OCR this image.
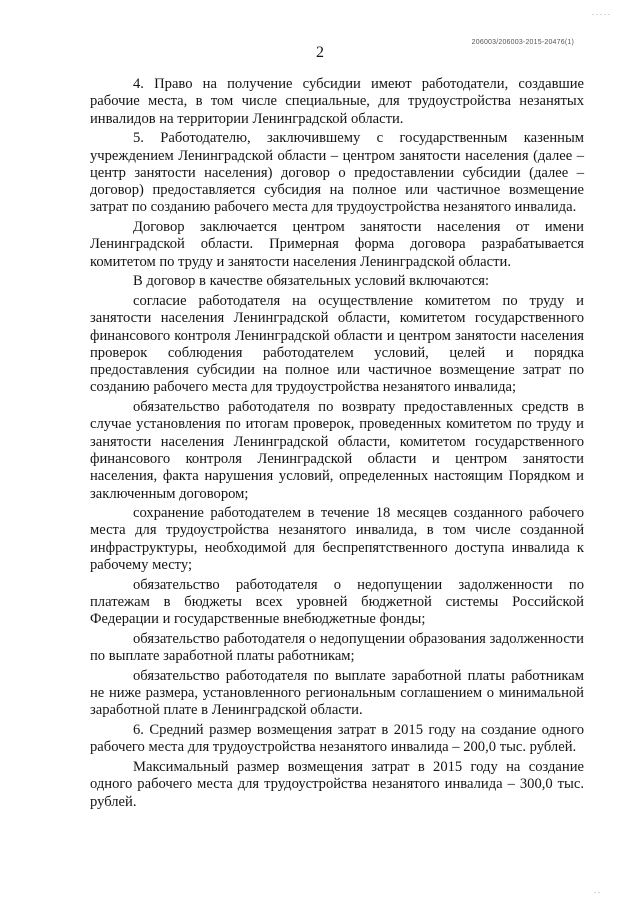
. . . . .
. .
206003/206003-2015-20476(1)
2

4. Право на получение субсидии имеют работодатели, создавшие рабочие места, в том числе специальные, для трудоустройства незанятых инвалидов на территории Ленинградской области.

5. Работодателю, заключившему с государственным казенным учреждением Ленинградской области – центром занятости населения (далее – центр занятости населения) договор о предоставлении субсидии (далее – договор) предоставляется субсидия на полное или частичное возмещение затрат по созданию рабочего места для трудоустройства незанятого инвалида.

Договор заключается центром занятости населения от имени Ленинградской области. Примерная форма договора разрабатывается комитетом по труду и занятости населения Ленинградской области.

В договор в качестве обязательных условий включаются:

согласие работодателя на осуществление комитетом по труду и занятости населения Ленинградской области, комитетом государственного финансового контроля Ленинградской области и центром занятости населения проверок соблюдения работодателем условий, целей и порядка предоставления субсидии на полное или частичное возмещение затрат по созданию рабочего места для трудоустройства незанятого инвалида;

обязательство работодателя по возврату предоставленных средств в случае установления по итогам проверок, проведенных комитетом по труду и занятости населения Ленинградской области, комитетом государственного финансового контроля Ленинградской области и центром занятости населения, факта нарушения условий, определенных настоящим Порядком и заключенным договором;

сохранение работодателем в течение 18 месяцев созданного рабочего места для трудоустройства незанятого инвалида, в том числе созданной инфраструктуры, необходимой для беспрепятственного доступа инвалида к рабочему месту;

обязательство работодателя о недопущении задолженности по платежам в бюджеты всех уровней бюджетной системы Российской Федерации и государственные внебюджетные фонды;

обязательство работодателя о недопущении образования задолженности по выплате заработной платы работникам;

обязательство работодателя по выплате заработной платы работникам не ниже размера, установленного региональным соглашением о минимальной заработной плате в Ленинградской области.

6. Средний размер возмещения затрат в 2015 году на создание одного рабочего места для трудоустройства незанятого инвалида – 200,0 тыс. рублей.

Максимальный размер возмещения затрат в 2015 году на создание одного рабочего места для трудоустройства незанятого инвалида – 300,0 тыс. рублей.
